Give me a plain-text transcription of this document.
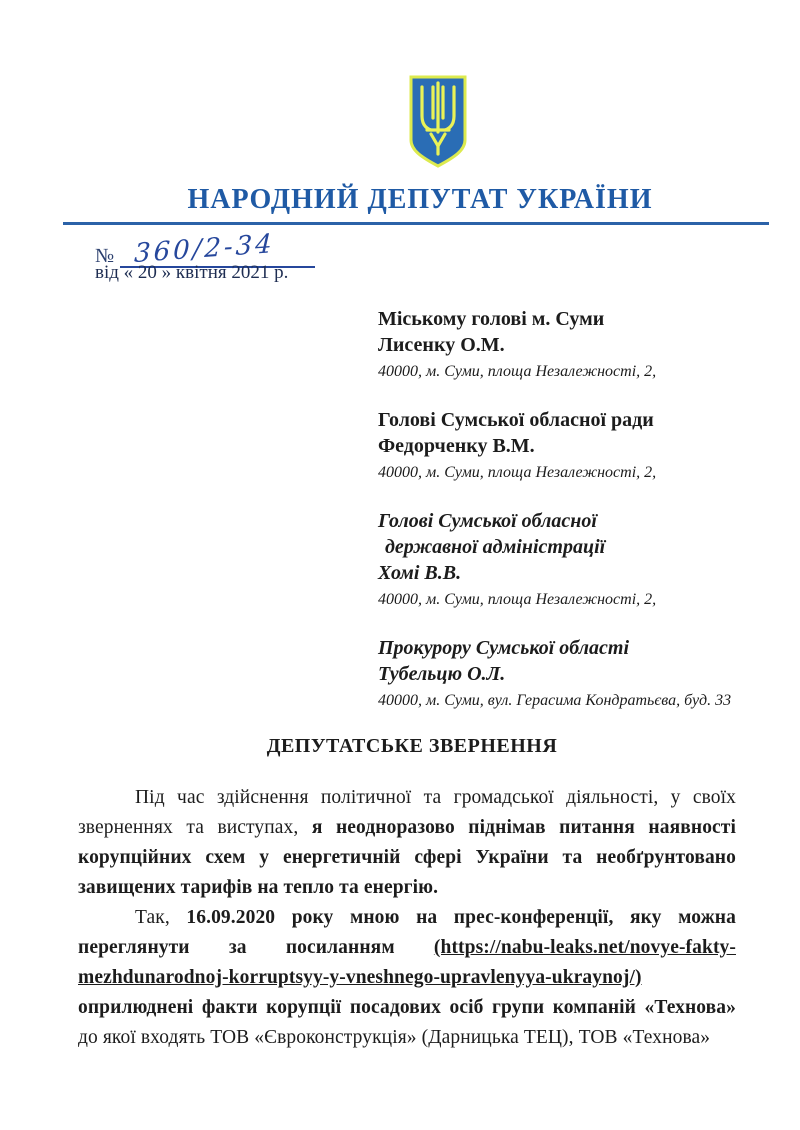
НАРОДНИЙ ДЕПУТАТ УКРАЇНИ
№ 360/2-34
від « 20 » квітня 2021 р.
Міському голові м. Суми
Лисенку О.М.
40000, м. Суми, площа Незалежності, 2,
Голові Сумської обласної ради
Федорченку В.М.
40000, м. Суми, площа Незалежності, 2,
Голові Сумської обласної
державної адміністрації
Хомі В.В.
40000, м. Суми, площа Незалежності, 2,
Прокурору Сумської області
Тубельцю О.Л.
40000, м. Суми, вул. Герасима Кондратьєва, буд. 33
ДЕПУТАТСЬКЕ ЗВЕРНЕННЯ

Під час здійснення політичної та громадської діяльності, у своїх зверненнях та виступах, я неодноразово піднімав питання наявності корупційних схем у енергетичній сфері України та необґрунтовано завищених тарифів на тепло та енергію.

Так, 16.09.2020 року мною на прес-конференції, яку можна переглянути за посиланням (https://nabu-leaks.net/novye-fakty-mezhdunarodnoj-korruptsyy-y-vneshnego-upravlenyya-ukraynoj/)
оприлюднені факти корупції посадових осіб групи компаній «Технова» до якої входять ТОВ «Євроконструкція» (Дарницька ТЕЦ), ТОВ «Технова»
